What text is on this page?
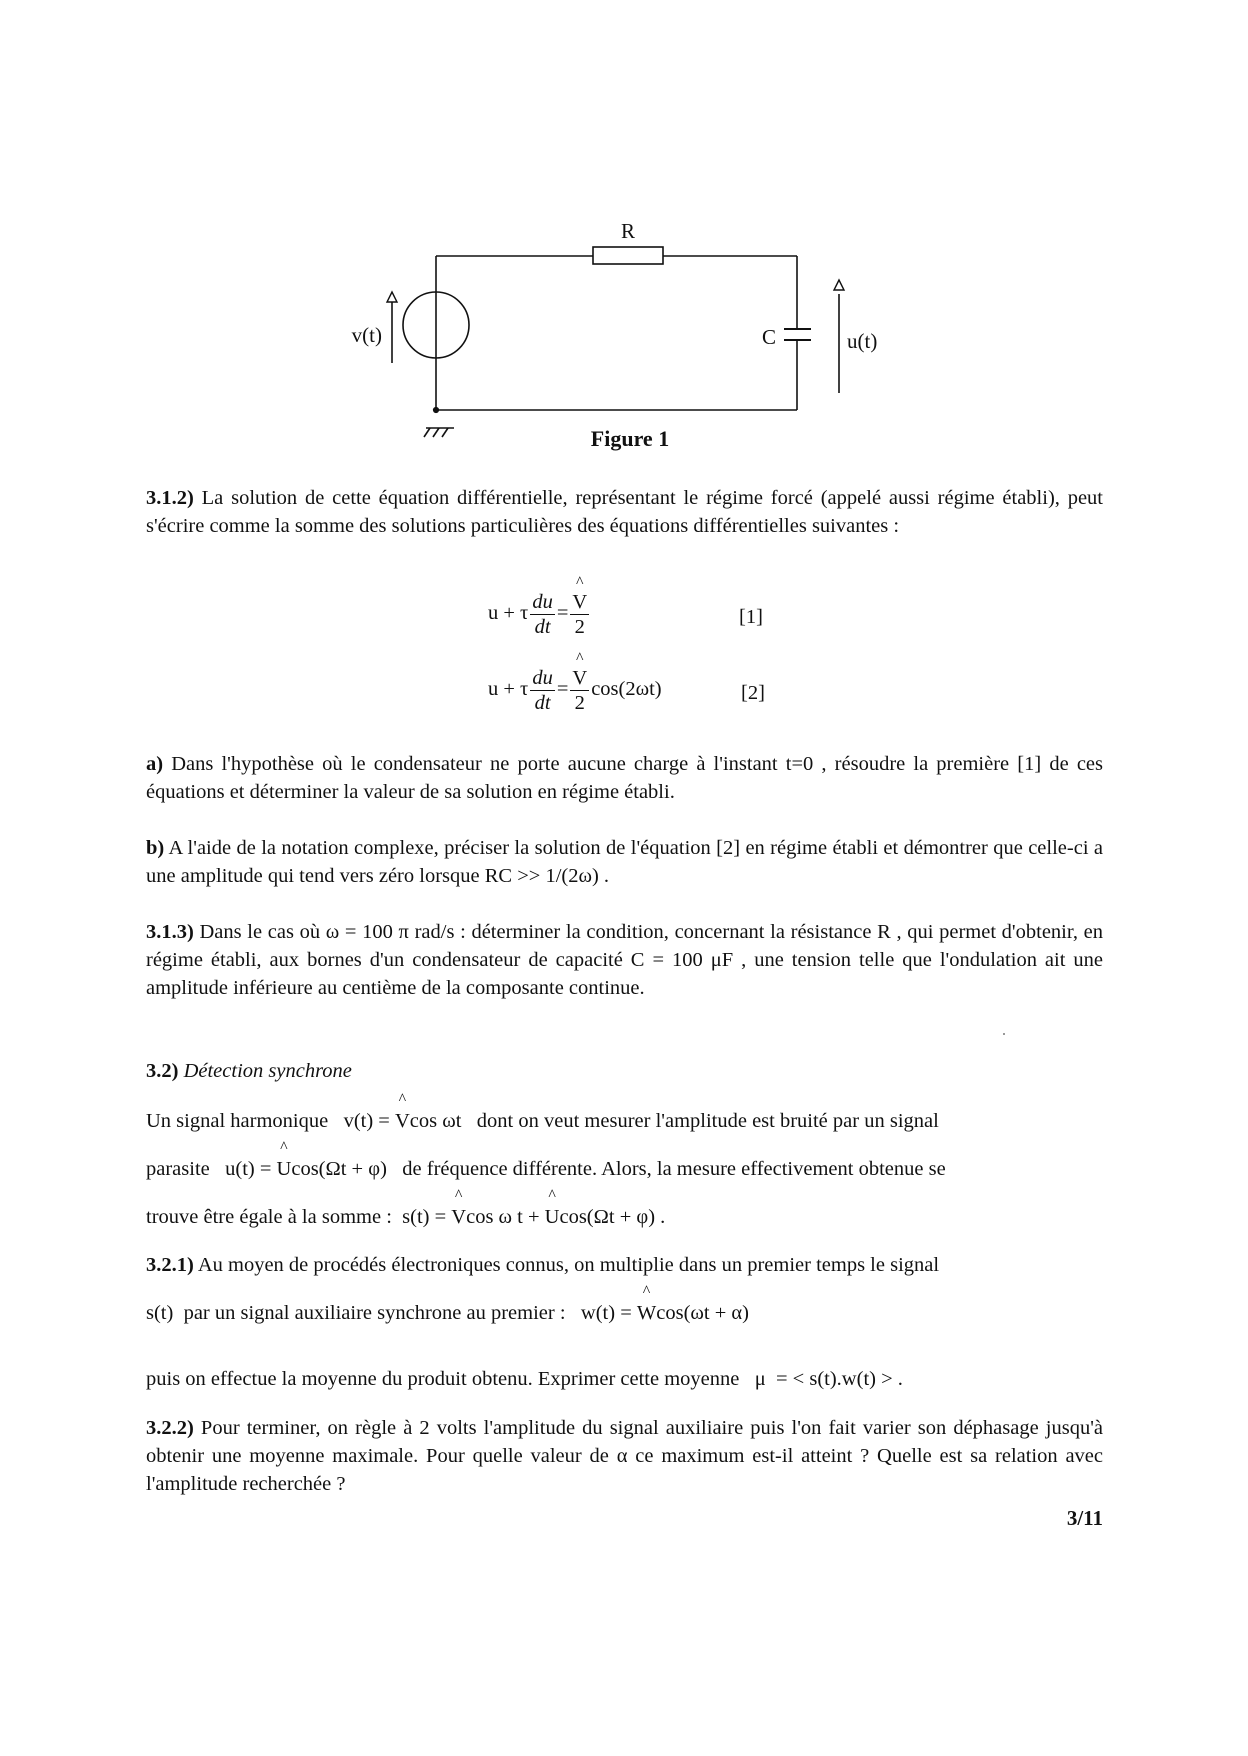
R
v(t)	C	u(t)
Figure 1
3.1.2) La solution de cette équation différentielle, représentant le régime forcé (appelé aussi régime établi), peut s'écrire comme la somme des solutions particulières des équations différentielles suivantes :
u + τ $\frac{du}{dt}$ = ^ $\frac{V}{2}$	[1]
u + τ $\frac{du}{dt}$ = ^ $\frac{V}{2} \cos(2\omega t)$	[2]
a) Dans l'hypothèse où le condensateur ne porte aucune charge à l'instant t=0 , résoudre la première [1] de ces équations et déterminer la valeur de sa solution en régime établi.
b) A l'aide de la notation complexe, préciser la solution de l'équation [2] en régime établi et démontrer que celle-ci a une amplitude qui tend vers zéro lorsque RC >> 1/(2ω) .
3.1.3) Dans le cas où ω = 100 π rad/s : déterminer la condition, concernant la résistance R , qui permet d'obtenir, en régime établi, aux bornes d'un condensateur de capacité C = 100 μF , une tension telle que l'ondulation ait une amplitude inférieure au centième de la composante continue.
3.2) Détection synchrone
Un signal harmonique   v(t) = ^ Vcos ωt   dont on veut mesurer l'amplitude est bruité par un signal
parasite   u(t) = ^ Ucos(Ωt + φ)   de fréquence différente. Alors, la mesure effectivement obtenue se
trouve être égale à la somme :  s(t) = ^ Vcos ω t + ^ Ucos(Ωt + φ) .
3.2.1) Au moyen de procédés électroniques connus, on multiplie dans un premier temps le signal
s(t)  par un signal auxiliaire synchrone au premier :   w(t) = ^ Wcos(ωt + α)
puis on effectue la moyenne du produit obtenu. Exprimer cette moyenne   μ  = < s(t).w(t) > .
3.2.2) Pour terminer, on règle à 2 volts l'amplitude du signal auxiliaire puis l'on fait varier son déphasage jusqu'à obtenir une moyenne maximale. Pour quelle valeur de α ce maximum est-il atteint ? Quelle est sa relation avec l'amplitude recherchée ?
3/11
